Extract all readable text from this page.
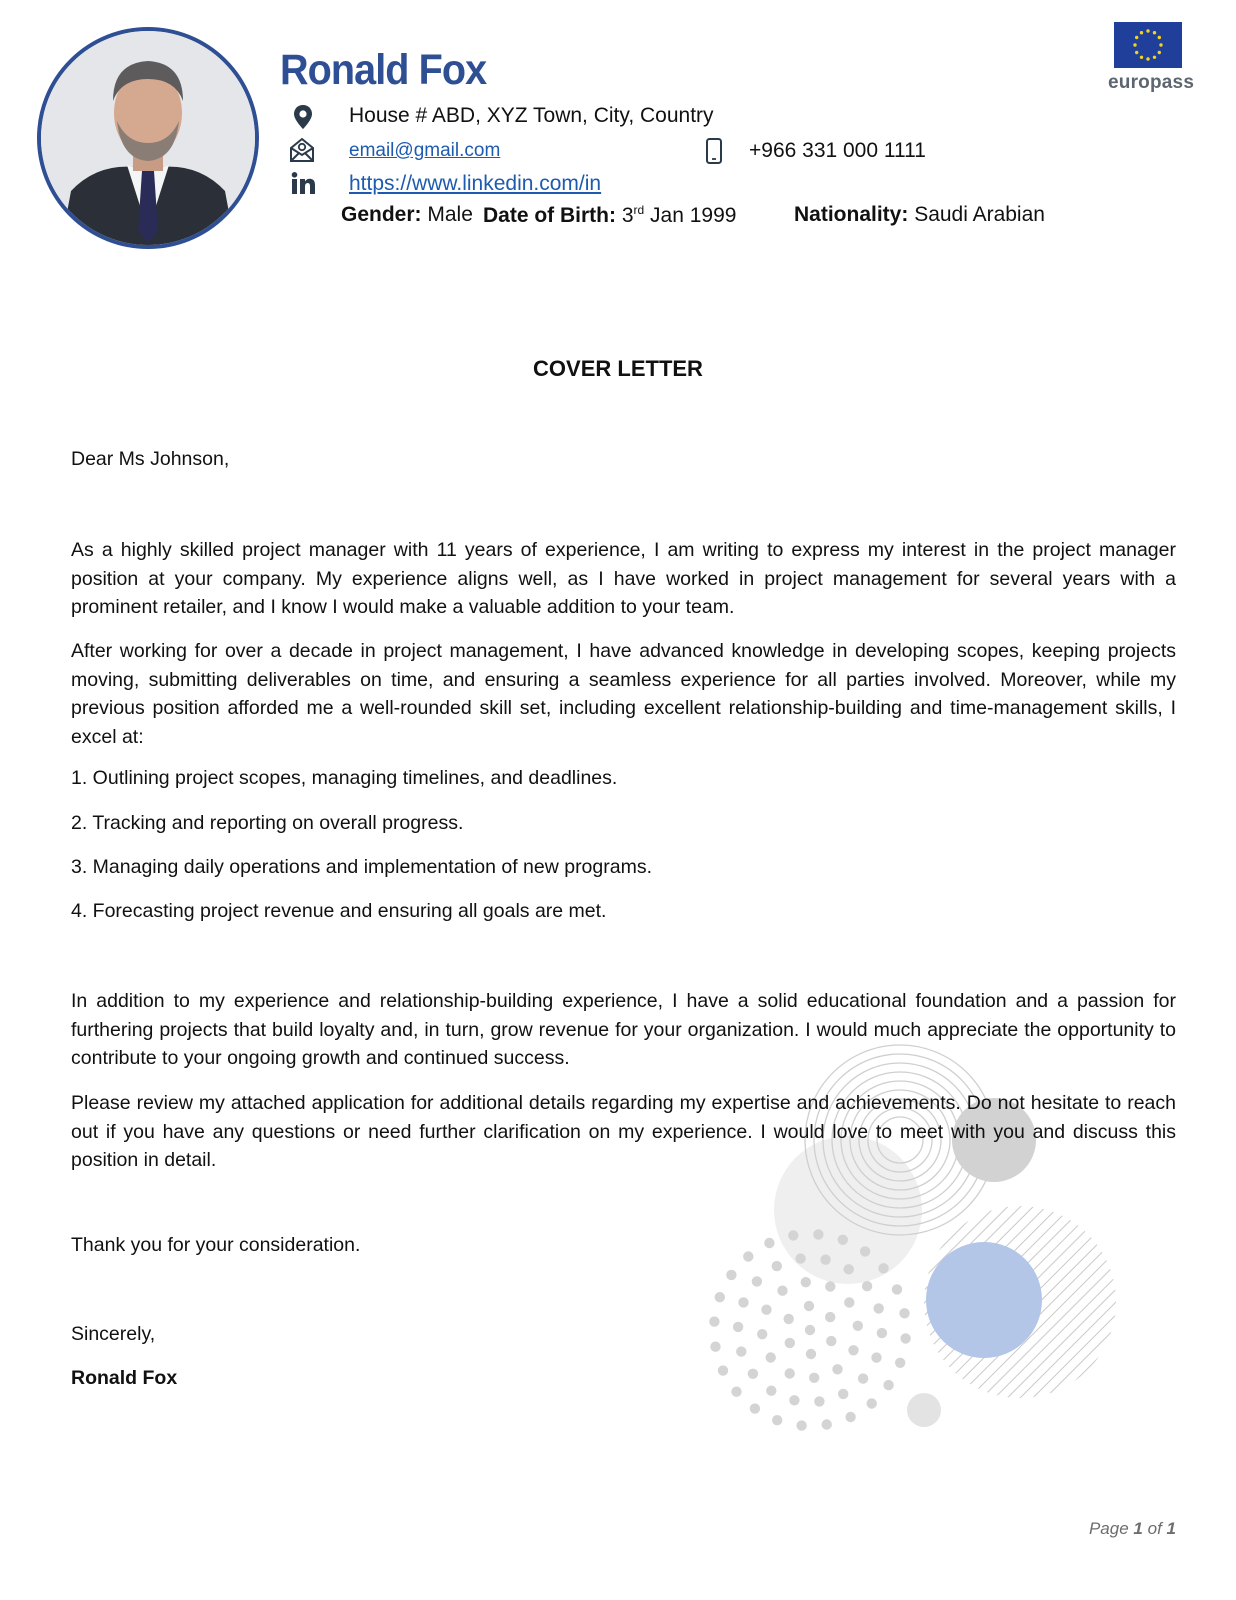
Ronald Fox
House # ABD, XYZ Town, City, Country
email@gmail.com	+966 331 000 1111
https://www.linkedin.com/in
Gender: Male Date of Birth: 3rd Jan 1999	Nationality: Saudi Arabian
europass
COVER LETTER
Dear Ms Johnson,
As a highly skilled project manager with 11 years of experience, I am writing to express my interest in the project manager position at your company. My experience aligns well, as I have worked in project management for several years with a prominent retailer, and I know I would make a valuable addition to your team.
After working for over a decade in project management, I have advanced knowledge in developing scopes, keeping projects moving, submitting deliverables on time, and ensuring a seamless experience for all parties involved. Moreover, while my previous position afforded me a well-rounded skill set, including excellent relationship-building and time-management skills, I excel at:
1. Outlining project scopes, managing timelines, and deadlines.
2. Tracking and reporting on overall progress.
3. Managing daily operations and implementation of new programs.
4. Forecasting project revenue and ensuring all goals are met.
In addition to my experience and relationship-building experience, I have a solid educational foundation and a passion for furthering projects that build loyalty and, in turn, grow revenue for your organization. I would much appreciate the opportunity to contribute to your ongoing growth and continued success.
Please review my attached application for additional details regarding my expertise and achievements. Do not hesitate to reach out if you have any questions or need further clarification on my experience. I would love to meet with you and discuss this position in detail.
Thank you for your consideration.
Sincerely,
Ronald Fox
Page 1 of 1
